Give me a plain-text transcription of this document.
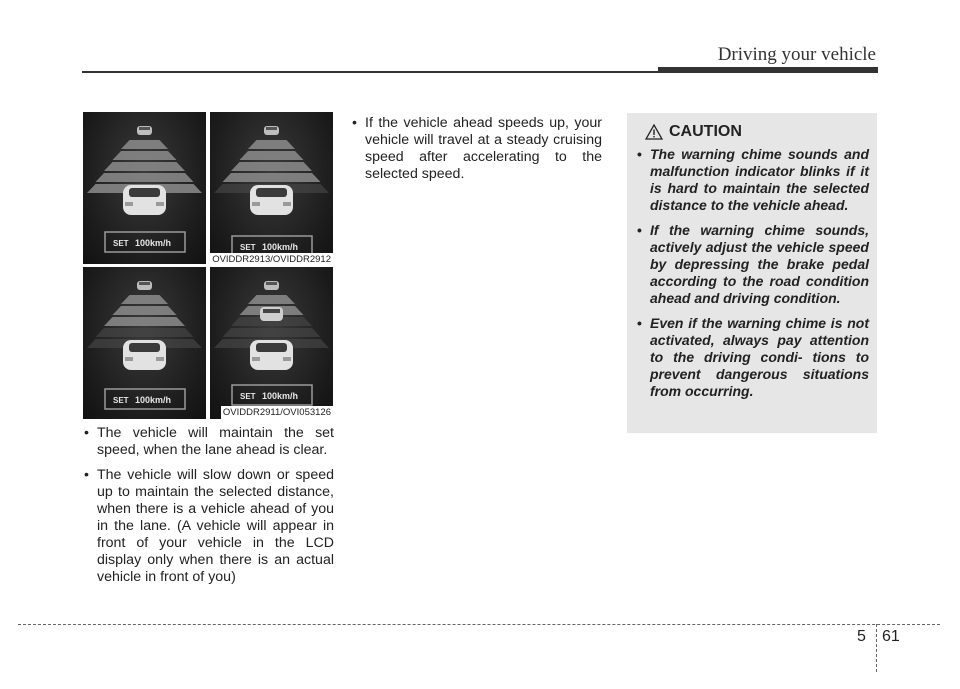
Driving your vehicle
SET 100km/h	SET 100km/h
SET 100km/h	SET 100km/h
OVIDDR2913/OVIDDR2912
OVIDDR2911/OVI053126
• The vehicle will maintain the set speed, when the lane ahead is clear.
• The vehicle will slow down or speed up to maintain the selected distance, when there is a vehicle ahead of you in the lane. (A vehicle will appear in front of your vehicle in the LCD display only when there is an actual vehicle in front of you)
• If the vehicle ahead speeds up, your vehicle will travel at a steady cruising speed after accelerating to the selected speed.
CAUTION
• The warning chime sounds and malfunction indicator blinks if it is hard to maintain the selected distance to the vehicle ahead.
• If the warning chime sounds, actively adjust the vehicle speed by depressing the brake pedal according to the road condition ahead and driving condition.
• Even if the warning chime is not activated, always pay attention to the driving condi- tions to prevent dangerous situations from occurring.
5 61
